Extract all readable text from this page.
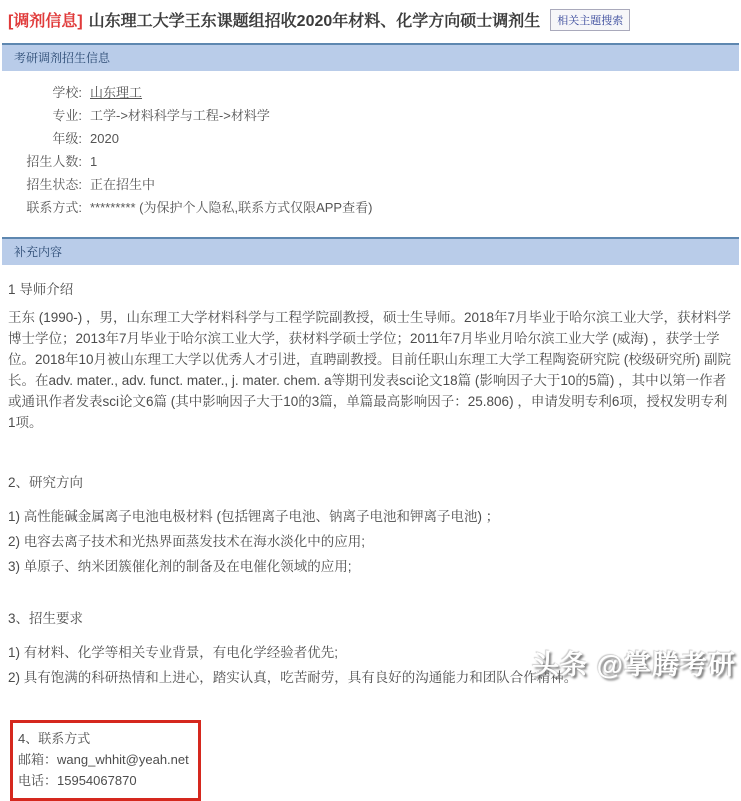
[调剂信息] 山东理工大学王东课题组招收2020年材料、化学方向硕士调剂生	相关主题搜索
考研调剂招生信息
学校: 山东理工
专业: 工学->材料科学与工程->材料学
年级: 2020
招生人数: 1
招生状态: 正在招生中
联系方式: ********* (为保护个人隐私,联系方式仅限APP查看)
补充内容
1 导师介绍
王东 (1990-) ，男，山东理工大学材料科学与工程学院副教授，硕士生导师。2018年7月毕业于哈尔滨工业大学，获材料学博士学位；2013年7月毕业于哈尔滨工业大学，获材料学硕士学位；2011年7月毕业月哈尔滨工业大学 (威海) ，获学士学位。2018年10月被山东理工大学以优秀人才引进，直聘副教授。目前任职山东理工大学工程陶瓷研究院 (校级研究所) 副院长。在adv. mater., adv. funct. mater., j. mater. chem. a等期刊发表sci论文18篇 (影响因子大于10的5篇) ，其中以第一作者或通讯作者发表sci论文6篇 (其中影响因子大于10的3篇，单篇最高影响因子：25.806) ，申请发明专利6项，授权发明专利1项。
2、研究方向
1) 高性能碱金属离子电池电极材料 (包括锂离子电池、钠离子电池和钾离子电池) ；
2) 电容去离子技术和光热界面蒸发技术在海水淡化中的应用;
3) 单原子、纳米团簇催化剂的制备及在电催化领域的应用;
3、招生要求
1) 有材料、化学等相关专业背景，有电化学经验者优先;
2) 具有饱满的科研热情和上进心，踏实认真，吃苦耐劳，具有良好的沟通能力和团队合作精神。
4、联系方式
邮箱：wang_whhit@yeah.net
电话：15954067870
头条 @掌腾考研
